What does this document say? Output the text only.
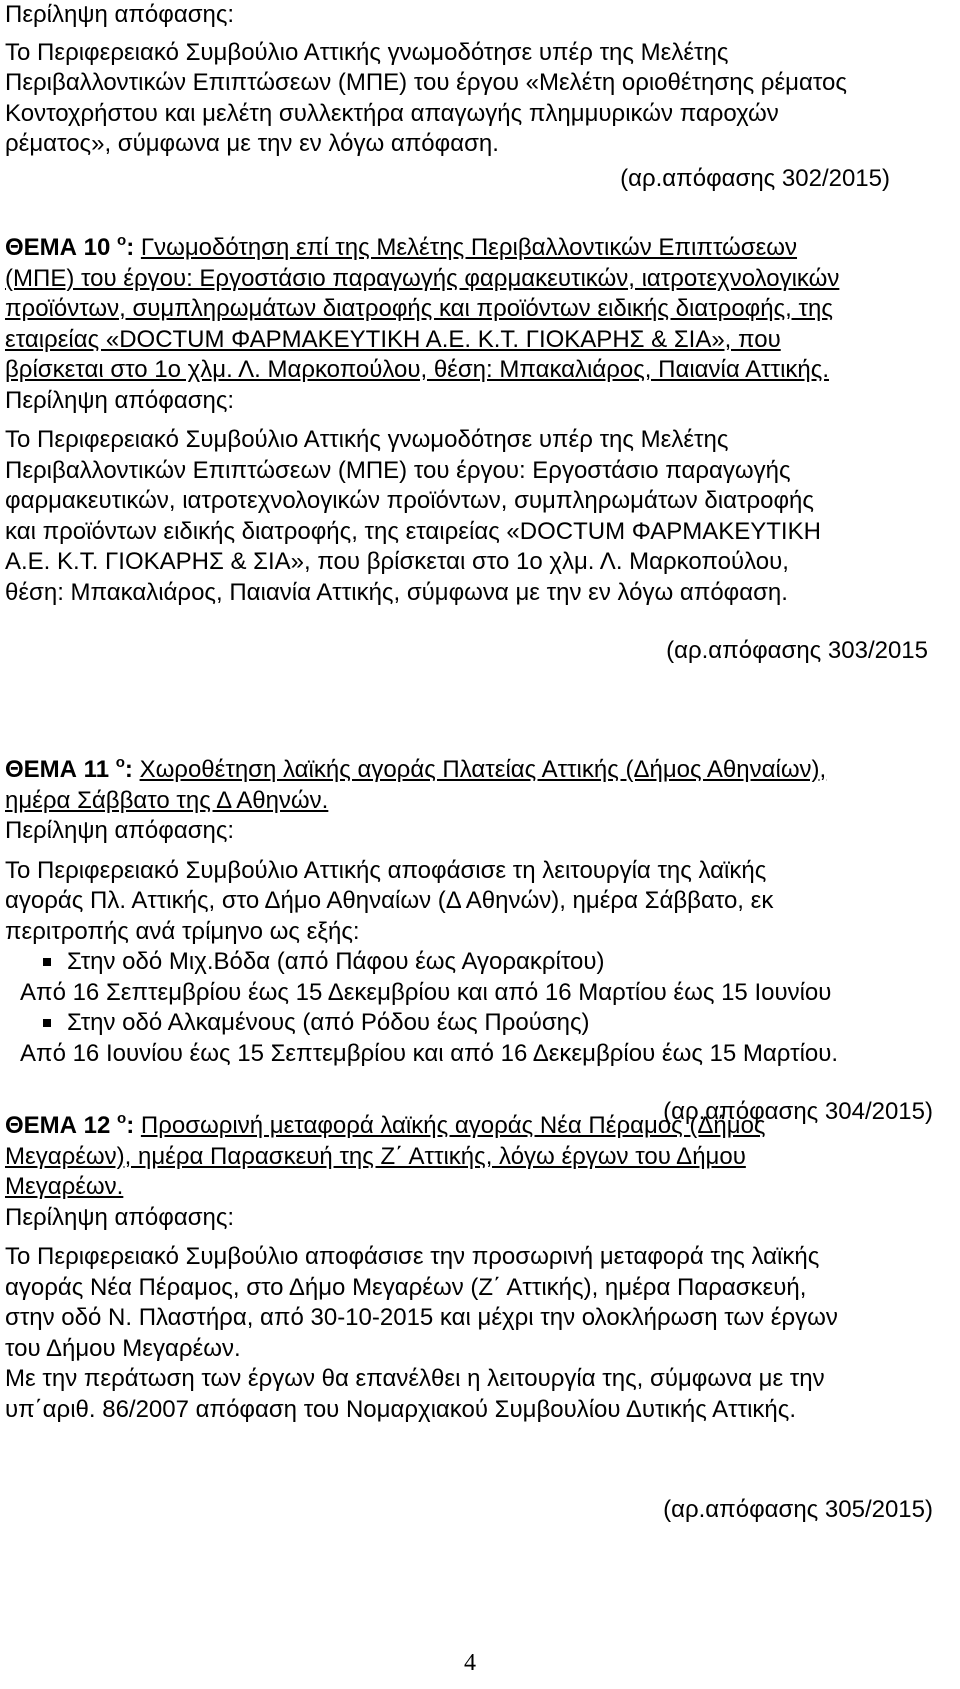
Περίληψη απόφασης:

Το Περιφερειακό Συμβούλιο Αττικής γνωμοδότησε υπέρ της Μελέτης

Περιβαλλοντικών Επιπτώσεων (ΜΠΕ) του έργου «Μελέτη οριοθέτησης ρέματος

Κοντοχρήστου και μελέτη συλλεκτήρα απαγωγής πλημμυρικών παροχών

ρέματος», σύμφωνα με την εν λόγω απόφαση.

(αρ.απόφασης 302/2015)

ΘΕΜΑ 10 $^o$: Γνωμοδότηση επί της Μελέτης Περιβαλλοντικών Επιπτώσεων

(ΜΠΕ) του έργου: Εργοστάσιο παραγωγής φαρμακευτικών, ιατροτεχνολογικών

προϊόντων, συμπληρωμάτων διατροφής και προϊόντων ειδικής διατροφής, της

εταιρείας «DOCTUM ΦΑΡΜΑΚΕΥΤΙΚΗ Α.Ε. Κ.Τ. ΓΙΟΚΑΡΗΣ & ΣΙΑ», που

βρίσκεται στο 1ο χλμ. Λ. Μαρκοπούλου, θέση: Μπακαλιάρος, Παιανία Αττικής.

Περίληψη απόφασης:

Το Περιφερειακό Συμβούλιο Αττικής γνωμοδότησε υπέρ της Μελέτης

Περιβαλλοντικών Επιπτώσεων (ΜΠΕ) του έργου: Εργοστάσιο παραγωγής

φαρμακευτικών, ιατροτεχνολογικών προϊόντων, συμπληρωμάτων διατροφής

και προϊόντων ειδικής διατροφής, της εταιρείας «DOCTUM ΦΑΡΜΑΚΕΥΤΙΚΗ

Α.Ε. Κ.Τ. ΓΙΟΚΑΡΗΣ & ΣΙΑ», που βρίσκεται στο 1ο χλμ. Λ. Μαρκοπούλου,

θέση: Μπακαλιάρος, Παιανία Αττικής, σύμφωνα με την εν λόγω απόφαση.

(αρ.απόφασης 303/2015

ΘΕΜΑ 11 $^o$: Χωροθέτηση λαϊκής αγοράς Πλατείας Αττικής (Δήμος Αθηναίων),

ημέρα Σάββατο της Δ Αθηνών.

Περίληψη απόφασης:

Το Περιφερειακό Συμβούλιο Αττικής αποφάσισε τη λειτουργία της λαϊκής

αγοράς Πλ. Αττικής, στο Δήμο Αθηναίων (Δ Αθηνών), ημέρα Σάββατο, εκ

περιτροπής ανά τρίμηνο ως εξής:

Στην οδό Μιχ.Βόδα (από Πάφου έως Αγορακρίτου)

Από 16 Σεπτεμβρίου έως 15 Δεκεμβρίου και από 16 Μαρτίου έως 15 Ιουνίου

Στην οδό Αλκαμένους (από Ρόδου έως Προύσης)

Από 16 Ιουνίου έως 15 Σεπτεμβρίου και από 16 Δεκεμβρίου έως 15 Μαρτίου.

(αρ.απόφασης 304/2015)

ΘΕΜΑ 12 $^o$: Προσωρινή μεταφορά λαϊκής αγοράς Νέα Πέραμος (Δήμος

Μεγαρέων), ημέρα Παρασκευή της Ζ΄ Αττικής, λόγω έργων του Δήμου

Μεγαρέων.

Περίληψη απόφασης:

Το Περιφερειακό Συμβούλιο αποφάσισε την προσωρινή μεταφορά της λαϊκής

αγοράς Νέα Πέραμος, στο Δήμο Μεγαρέων (Ζ΄ Αττικής), ημέρα Παρασκευή,

στην οδό Ν. Πλαστήρα, από 30-10-2015 και μέχρι την ολοκλήρωση των έργων

του Δήμου Μεγαρέων.

Με την περάτωση των έργων θα επανέλθει η λειτουργία της, σύμφωνα με την

υπ΄αριθ. 86/2007 απόφαση του Νομαρχιακού Συμβουλίου Δυτικής Αττικής.

(αρ.απόφασης 305/2015)

4
